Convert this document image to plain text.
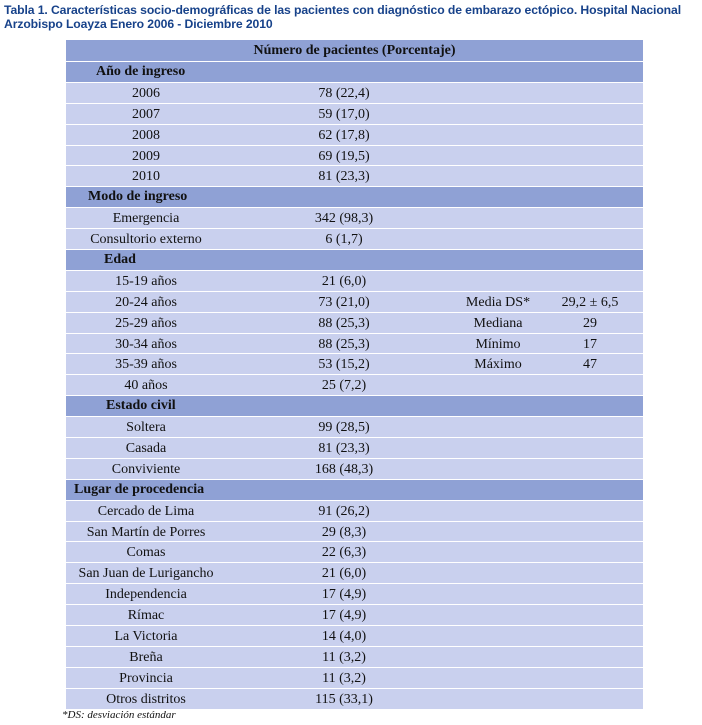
Tabla 1. Características socio-demográficas de las pacientes con diagnóstico de embarazo ectópico. Hospital Nacional Arzobispo Loayza Enero 2006 - Diciembre 2010
Número de pacientes (Porcentaje)
Año de ingreso
2006	78 (22,4)
2007	59 (17,0)
2008	62 (17,8)
2009	69 (19,5)
2010	81 (23,3)
Modo de ingreso
Emergencia	342 (98,3)
Consultorio externo	6 (1,7)
Edad
15-19 años	21 (6,0)
20-24 años	73 (21,0)	Media DS*	29,2 ± 6,5
25-29 años	88 (25,3)	Mediana	29
30-34 años	88 (25,3)	Mínimo	17
35-39 años	53 (15,2)	Máximo	47
40 años	25 (7,2)
Estado civil
Soltera	99 (28,5)
Casada	81 (23,3)
Conviviente	168 (48,3)
Lugar de procedencia
Cercado de Lima	91 (26,2)
San Martín de Porres	29 (8,3)
Comas	22 (6,3)
San Juan de Lurigancho	21 (6,0)
Independencia	17 (4,9)
Rímac	17 (4,9)
La Victoria	14 (4,0)
Breña	11 (3,2)
Provincia	11 (3,2)
Otros distritos	115 (33,1)
*DS: desviación estándar
